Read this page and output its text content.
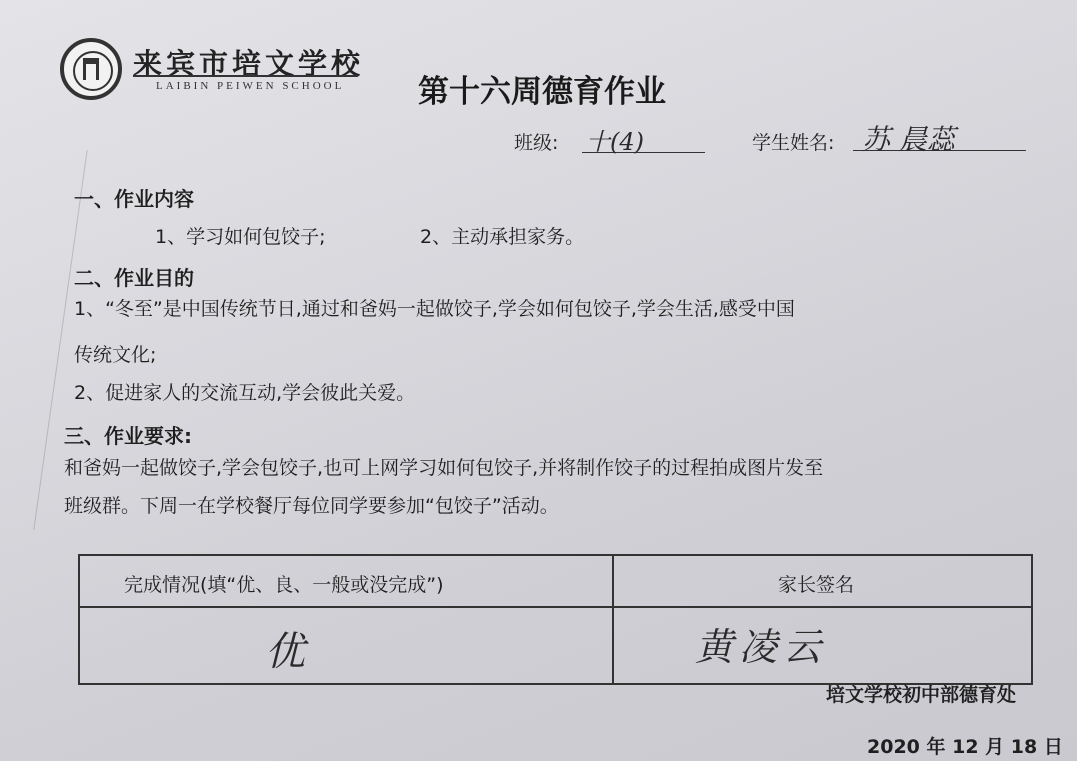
来宾市培文学校
LAIBIN PEIWEN SCHOOL 第十六周德育作业
班级: 十(4)	学生姓名: 苏 晨蕊
一、作业内容
1、学习如何包饺子;	2、主动承担家务。
二、作业目的
1、“冬至”是中国传统节日,通过和爸妈一起做饺子,学会如何包饺子,学会生活,感受中国
传统文化;
2、促进家人的交流互动,学会彼此关爱。
三、作业要求:
和爸妈一起做饺子,学会包饺子,也可上网学习如何包饺子,并将制作饺子的过程拍成图片发至
班级群。下周一在学校餐厅每位同学要参加“包饺子”活动。
完成情况(填“优、良、一般或没完成”)	家长签名
优	黄凌云
培文学校初中部德育处
2020 年 12 月 18 日
